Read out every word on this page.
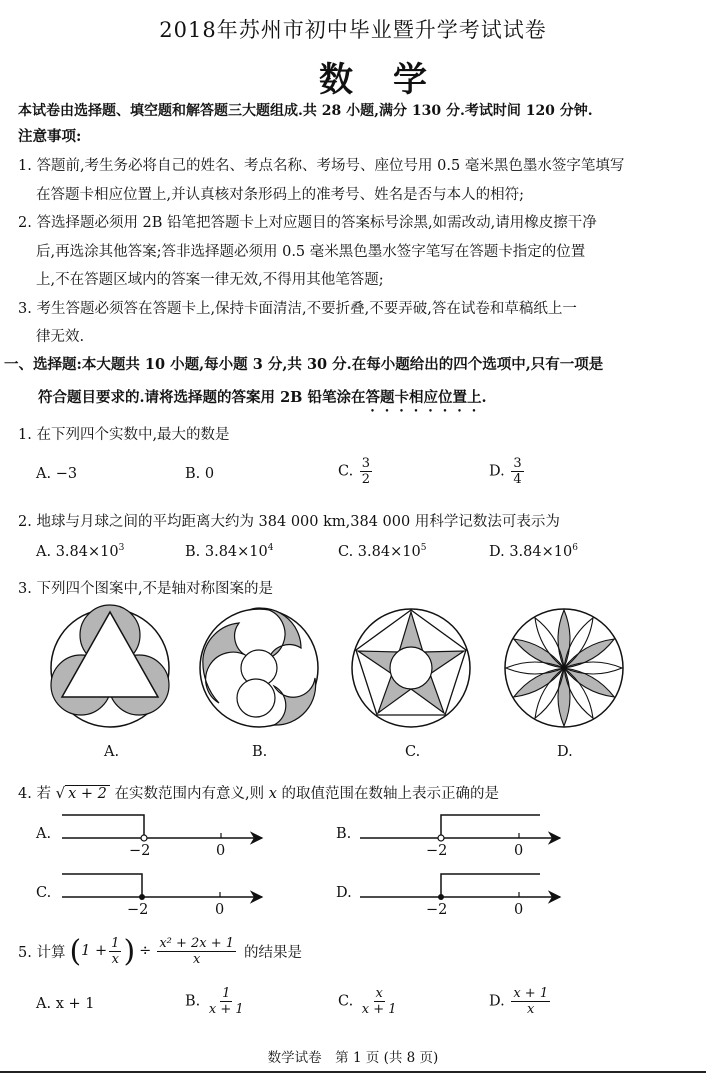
2018年苏州市初中毕业暨升学考试试卷
数学
本试卷由选择题、填空题和解答题三大题组成.共 28 小题,满分 130 分.考试时间 120 分钟.
注意事项:
1. 答题前,考生务必将自己的姓名、考点名称、考场号、座位号用 0.5 毫米黑色墨水签字笔填写
在答题卡相应位置上,并认真核对条形码上的准考号、姓名是否与本人的相符;
2. 答选择题必须用 2B 铅笔把答题卡上对应题目的答案标号涂黑,如需改动,请用橡皮擦干净
后,再选涂其他答案;答非选择题必须用 0.5 毫米黑色墨水签字笔写在答题卡指定的位置
上,不在答题区域内的答案一律无效,不得用其他笔答题;
3. 考生答题必须答在答题卡上,保持卡面清洁,不要折叠,不要弄破,答在试卷和草稿纸上一
律无效.
一、选择题:本大题共 10 小题,每小题 3 分,共 30 分.在每小题给出的四个选项中,只有一项是
符合题目要求的.请将选择题的答案用 2B 铅笔涂在答题卡相应位置上.
1. 在下列四个实数中,最大的数是
A. −3	B. 0	C. $\frac{3}{2}$	D. $\frac{3}{4}$
2. 地球与月球之间的平均距离大约为 384 000 km,384 000 用科学记数法可表示为
A. $3.84\times 10^3$	B. $3.84\times 10^4$	C. $3.84\times 10^5$	D. $3.84\times 10^6$
3. 下列四个图案中,不是轴对称图案的是
A.	B.	C.	D.
4. 若 √ x + 2 在实数范围内有意义,则 x 的取值范围在数轴上表示正确的是
A.	B.
C.	D.
−2	0	−2	0
−2	0	−2	0
5. 计算 ( $1 + \frac{1}{x}$ ) ÷ $\frac{\text{x² + 2x + 1}}{x}$ 的结果是
A. x + 1	B. $\frac{1}{x + 1}$	C. $\frac{x}{x + 1}$	D. $\frac{x + 1}{x}$
数学试卷　第 1 页 (共 8 页)
